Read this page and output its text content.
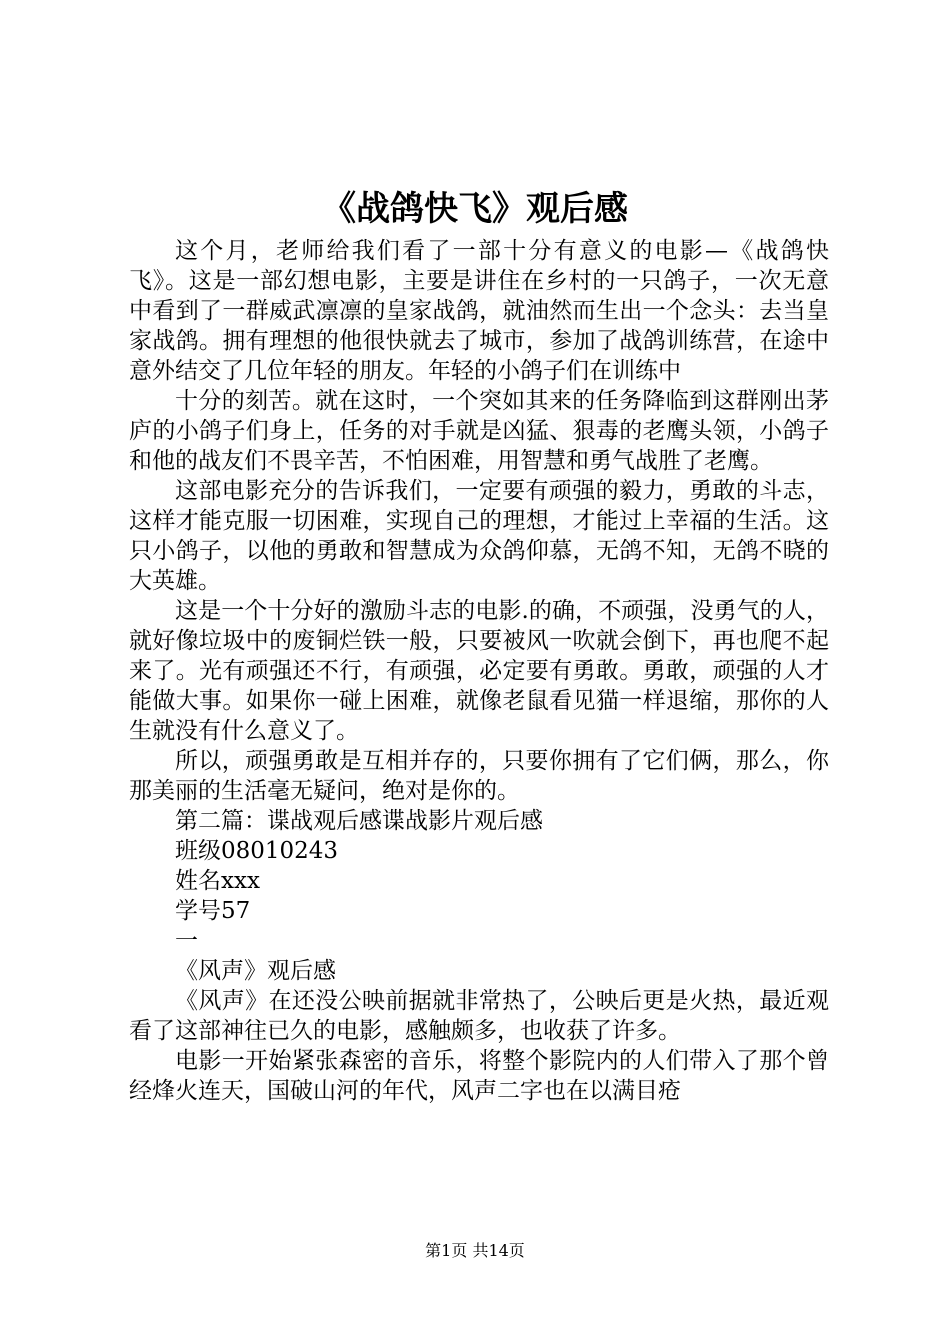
《战鸽快飞》观后感

这个月，老师给我们看了一部十分有意义的电影—《战鸽快飞》。这是一部幻想电影，主要是讲住在乡村的一只鸽子，一次无意中看到了一群威武凛凛的皇家战鸽，就油然而生出一个念头：去当皇家战鸽。拥有理想的他很快就去了城市，参加了战鸽训练营，在途中意外结交了几位年轻的朋友。年轻的小鸽子们在训练中

十分的刻苦。就在这时，一个突如其来的任务降临到这群刚出茅庐的小鸽子们身上，任务的对手就是凶猛、狠毒的老鹰头领，小鸽子和他的战友们不畏辛苦，不怕困难，用智慧和勇气战胜了老鹰。

这部电影充分的告诉我们，一定要有顽强的毅力，勇敢的斗志，这样才能克服一切困难，实现自己的理想，才能过上幸福的生活。这只小鸽子，以他的勇敢和智慧成为众鸽仰慕，无鸽不知，无鸽不晓的大英雄。

这是一个十分好的激励斗志的电影.的确，不顽强，没勇气的人，就好像垃圾中的废铜烂铁一般，只要被风一吹就会倒下，再也爬不起来了。光有顽强还不行，有顽强，必定要有勇敢。勇敢，顽强的人才能做大事。如果你一碰上困难，就像老鼠看见猫一样退缩，那你的人生就没有什么意义了。

所以，顽强勇敢是互相并存的，只要你拥有了它们俩，那么，你那美丽的生活毫无疑问，绝对是你的。

第二篇：谍战观后感谍战影片观后感

班级08010243

姓名xxx

学号57

一

《风声》观后感

《风声》在还没公映前据就非常热了，公映后更是火热，最近观看了这部神往已久的电影，感触颇多，也收获了许多。

电影一开始紧张森密的音乐，将整个影院内的人们带入了那个曾经烽火连天，国破山河的年代，风声二字也在以满目疮

第1页 共14页
